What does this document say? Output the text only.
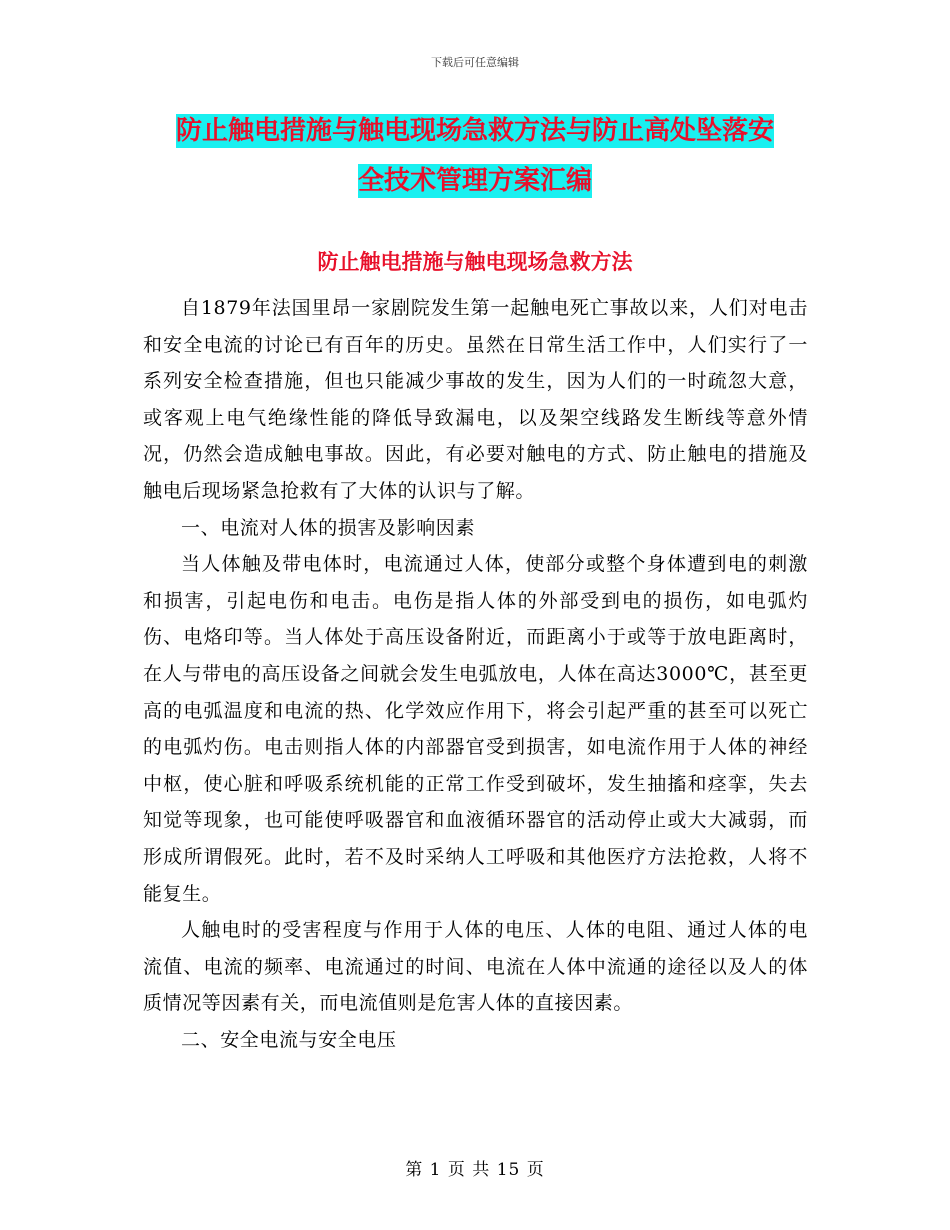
下载后可任意编辑
防止触电措施与触电现场急救方法与防止高处坠落安
全技术管理方案汇编
防止触电措施与触电现场急救方法

自1879年法国里昂一家剧院发生第一起触电死亡事故以来，人们对电击和安全电流的讨论已有百年的历史。虽然在日常生活工作中，人们实行了一系列安全检查措施，但也只能减少事故的发生，因为人们的一时疏忽大意，或客观上电气绝缘性能的降低导致漏电，以及架空线路发生断线等意外情况，仍然会造成触电事故。因此，有必要对触电的方式、防止触电的措施及触电后现场紧急抢救有了大体的认识与了解。

一、电流对人体的损害及影响因素

当人体触及带电体时，电流通过人体，使部分或整个身体遭到电的刺激和损害，引起电伤和电击。电伤是指人体的外部受到电的损伤，如电弧灼伤、电烙印等。当人体处于高压设备附近，而距离小于或等于放电距离时，在人与带电的高压设备之间就会发生电弧放电，人体在高达3000℃，甚至更高的电弧温度和电流的热、化学效应作用下，将会引起严重的甚至可以死亡的电弧灼伤。电击则指人体的内部器官受到损害，如电流作用于人体的神经中枢，使心脏和呼吸系统机能的正常工作受到破坏，发生抽搐和痉挛，失去知觉等现象，也可能使呼吸器官和血液循环器官的活动停止或大大减弱，而形成所谓假死。此时，若不及时采纳人工呼吸和其他医疗方法抢救，人将不能复生。

人触电时的受害程度与作用于人体的电压、人体的电阻、通过人体的电流值、电流的频率、电流通过的时间、电流在人体中流通的途径以及人的体质情况等因素有关，而电流值则是危害人体的直接因素。

二、安全电流与安全电压

第 1 页 共 15 页
